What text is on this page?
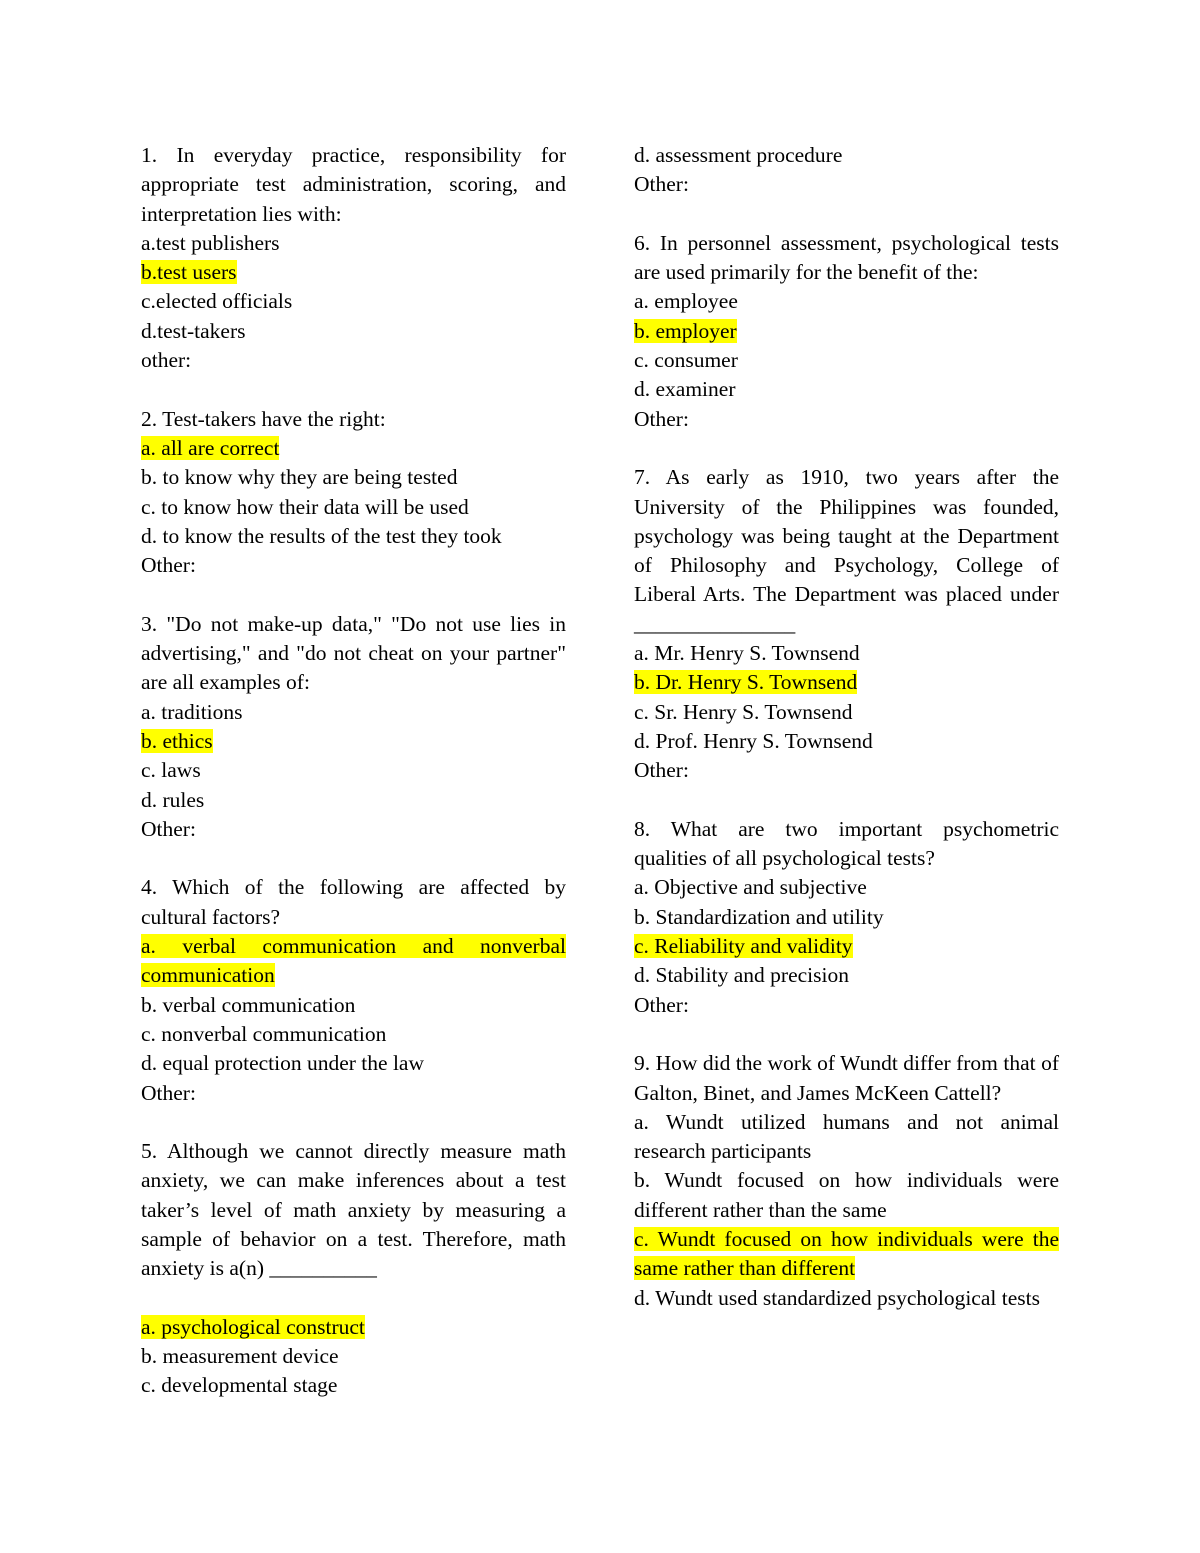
1. In everyday practice, responsibility for appropriate test administration, scoring, and interpretation lies with:

a.test publishers
b.test users
c.elected officials
d.test-takers
other:

2. Test-takers have the right:

a. all are correct
b. to know why they are being tested
c. to know how their data will be used
d. to know the results of the test they took
Other:

3. "Do not make-up data," "Do not use lies in advertising," and "do not cheat on your partner" are all examples of:

a. traditions
b. ethics
c. laws
d. rules
Other:

4. Which of the following are affected by cultural factors?

a. verbal communication and nonverbal communication
b. verbal communication
c. nonverbal communication
d. equal protection under the law
Other:

5. Although we cannot directly measure math anxiety, we can make inferences about a test taker’s level of math anxiety by measuring a sample of behavior on a test. Therefore, math anxiety is a(n) __________

a. psychological construct
b. measurement device
c. developmental stage
d. assessment procedure
Other:

6. In personnel assessment, psychological tests are used primarily for the benefit of the:

a. employee
b. employer
c. consumer
d. examiner
Other:

7. As early as 1910, two years after the University of the Philippines was founded, psychology was being taught at the Department of Philosophy and Psychology, College of Liberal Arts. The Department was placed under _______________

a. Mr. Henry S. Townsend
b. Dr. Henry S. Townsend
c. Sr. Henry S. Townsend
d. Prof. Henry S. Townsend
Other:

8. What are two important psychometric qualities of all psychological tests?

a. Objective and subjective
b. Standardization and utility
c. Reliability and validity
d. Stability and precision
Other:

9. How did the work of Wundt differ from that of Galton, Binet, and James McKeen Cattell?

a. Wundt utilized humans and not animal research participants
b. Wundt focused on how individuals were different rather than the same
c. Wundt focused on how individuals were the same rather than different
d. Wundt used standardized psychological tests
